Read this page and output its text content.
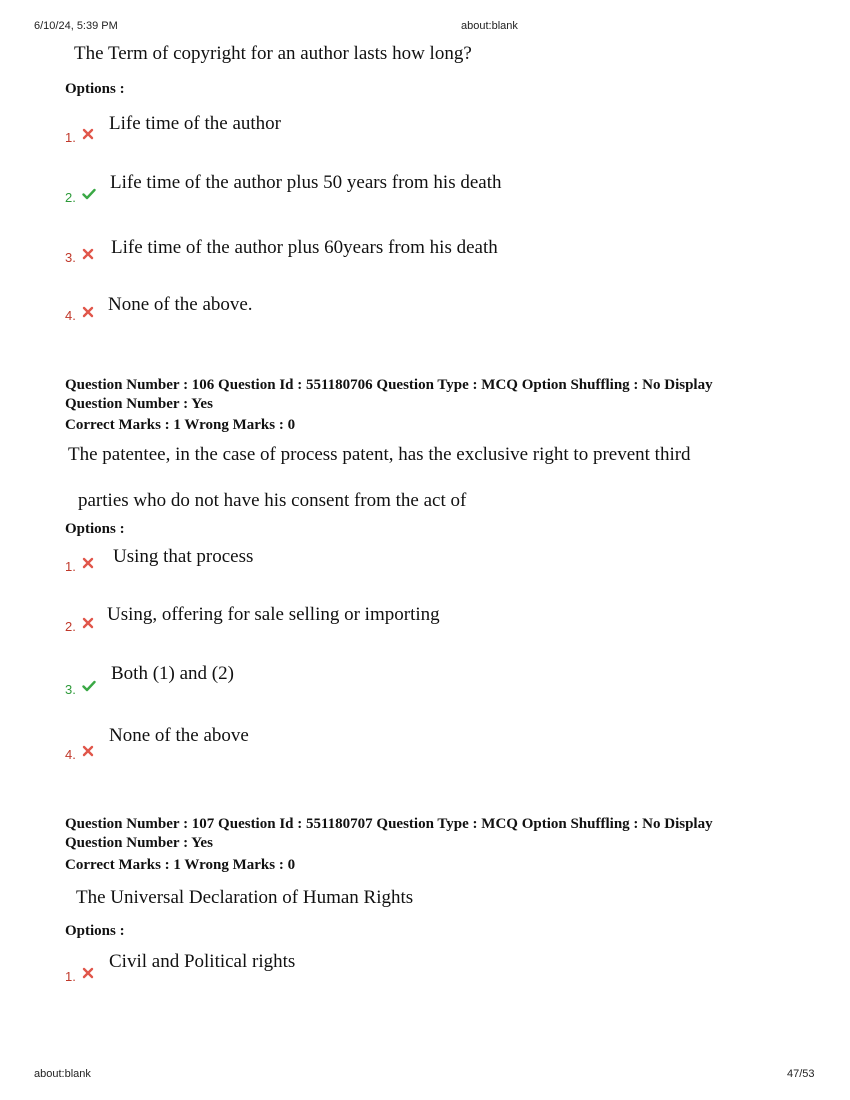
6/10/24, 5:39 PM	about:blank
The Term of copyright for an author lasts how long?
Options :
1.
Life time of the author
2.
Life time of the author plus 50 years from his death
3. Life time of the author plus 60years from his death
4.
None of the above.
Question Number : 106 Question Id : 551180706 Question Type : MCQ Option Shuffling : No Display
Question Number : Yes
Correct Marks : 1 Wrong Marks : 0
The patentee, in the case of process patent, has the exclusive right to prevent third
parties who do not have his consent from the act of
Options :
1. Using that process
2.
Using, offering for sale selling or importing
3.
Both (1) and (2)
4.
None of the above
Question Number : 107 Question Id : 551180707 Question Type : MCQ Option Shuffling : No Display
Question Number : Yes
Correct Marks : 1 Wrong Marks : 0
The Universal Declaration of Human Rights
Options :
1.
Civil and Political rights
about:blank	47/53
